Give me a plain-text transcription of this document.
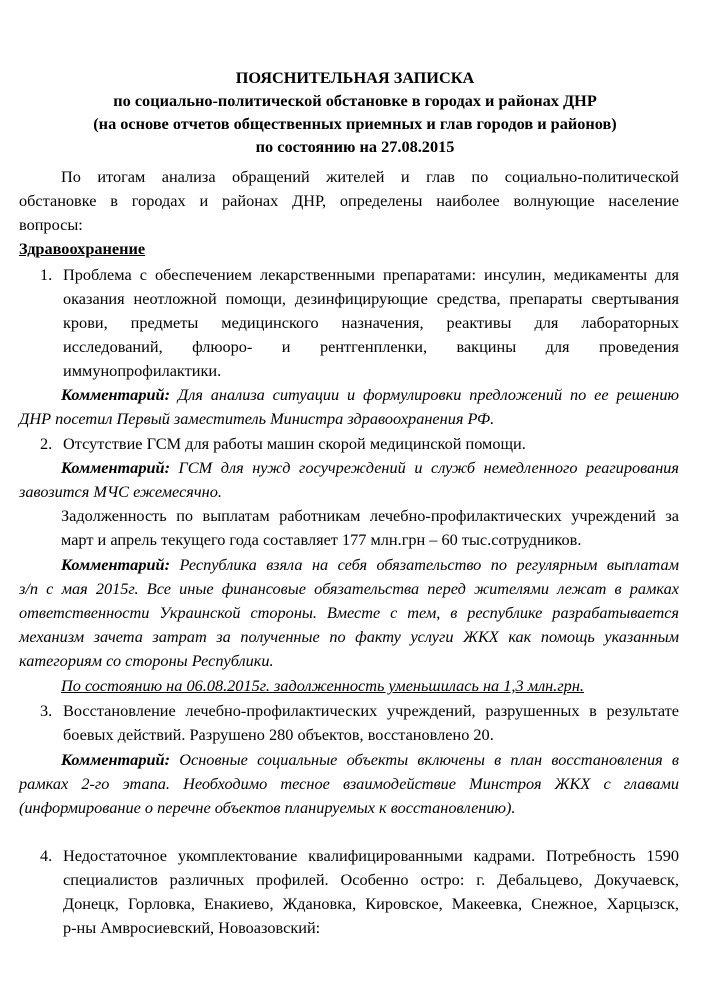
ПОЯСНИТЕЛЬНАЯ ЗАПИСКА
по социально-политической обстановке в городах и районах ДНР
(на основе отчетов общественных приемных и глав городов и районов)
по состоянию на 27.08.2015
По итогам анализа обращений жителей и глав по социально-политической
обстановке в городах и районах ДНР, определены наиболее волнующие население
вопросы:
Здравоохранение
1. Проблема с обеспечением лекарственными препаратами: инсулин, медикаменты для
оказания неотложной помощи, дезинфицирующие средства, препараты свертывания
крови, предметы медицинского назначения, реактивы для лабораторных
исследований, флюоро- и рентгенпленки, вакцины для проведения
иммунопрофилактики.
Комментарий: Для анализа ситуации и формулировки предложений по ее решению
ДНР посетил Первый заместитель Министра здравоохранения РФ.
2. Отсутствие ГСМ для работы машин скорой медицинской помощи.
Комментарий: ГСМ для нужд госучреждений и служб немедленного реагирования
завозится МЧС ежемесячно.
Задолженность по выплатам работникам лечебно-профилактических учреждений за
март и апрель текущего года составляет 177 млн.грн – 60 тыс.сотрудников.
Комментарий: Республика взяла на себя обязательство по регулярным выплатам
з/п с мая 2015г. Все иные финансовые обязательства перед жителями лежат в рамках
ответственности Украинской стороны. Вместе с тем, в республике разрабатывается
механизм зачета затрат за полученные по факту услуги ЖКХ как помощь указанным
категориям со стороны Республики.
По состоянию на 06.08.2015г. задолженность уменьшилась на 1,3 млн.грн.
3. Восстановление лечебно-профилактических учреждений, разрушенных в результате
боевых действий. Разрушено 280 объектов, восстановлено 20.
Комментарий: Основные социальные объекты включены в план восстановления в
рамках 2-го этапа. Необходимо тесное взаимодействие Минстроя ЖКХ с главами
(информирование о перечне объектов планируемых к восстановлению).
4. Недостаточное укомплектование квалифицированными кадрами. Потребность 1590
специалистов различных профилей. Особенно остро: г. Дебальцево, Докучаевск,
Донецк, Горловка, Енакиево, Ждановка, Кировское, Макеевка, Снежное, Харцызск,
р-ны Амвросиевский, Новоазовский:
